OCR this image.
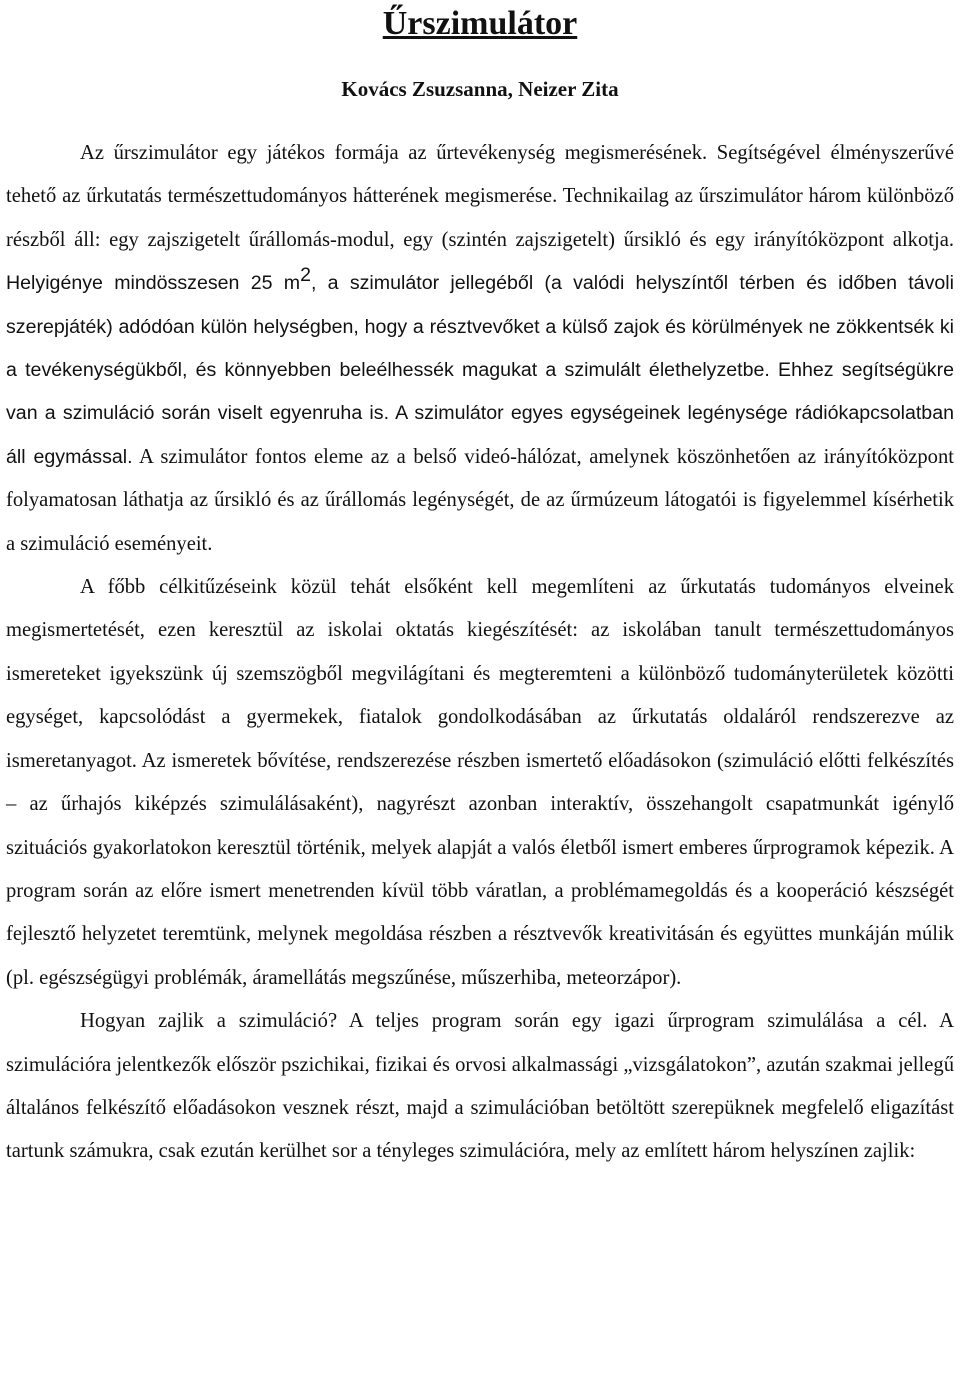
Űrszimulátor
Kovács Zsuzsanna, Neizer Zita

Az űrszimulátor egy játékos formája az űrtevékenység megismerésének. Segítségével élményszerűvé tehető az űrkutatás természettudományos hátterének megismerése. Technikailag az űrszimulátor három különböző részből áll: egy zajszigetelt űrállomás-modul, egy (szintén zajszigetelt) űrsikló és egy irányítóközpont alkotja. Helyigénye mindösszesen 25 $m^2$, a szimulátor jellegéből (a valódi helyszíntől térben és időben távoli szerepjáték) adódóan külön helységben, hogy a résztvevőket a külső zajok és körülmények ne zökkentsék ki a tevékenységükből, és könnyebben beleélhessék magukat a szimulált élethelyzetbe. Ehhez segítségükre van a szimuláció során viselt egyenruha is. A szimulátor egyes egységeinek legénysége rádiókapcsolatban áll egymással. A szimulátor fontos eleme az a belső videó-hálózat, amelynek köszönhetően az irányítóközpont folyamatosan láthatja az űrsikló és az űrállomás legénységét, de az űrmúzeum látogatói is figyelemmel kísérhetik a szimuláció eseményeit.

A főbb célkitűzéseink közül tehát elsőként kell megemlíteni az űrkutatás tudományos elveinek megismertetését, ezen keresztül az iskolai oktatás kiegészítését: az iskolában tanult természettudományos ismereteket igyekszünk új szemszögből megvilágítani és megteremteni a különböző tudományterületek közötti egységet, kapcsolódást a gyermekek, fiatalok gondolkodásában az űrkutatás oldaláról rendszerezve az ismeretanyagot. Az ismeretek bővítése, rendszerezése részben ismertető előadásokon (szimuláció előtti felkészítés – az űrhajós kiképzés szimulálásaként), nagyrészt azonban interaktív, összehangolt csapatmunkát igénylő szituációs gyakorlatokon keresztül történik, melyek alapját a valós életből ismert emberes űrprogramok képezik. A program során az előre ismert menetrenden kívül több váratlan, a problémamegoldás és a kooperáció készségét fejlesztő helyzetet teremtünk, melynek megoldása részben a résztvevők kreativitásán és együttes munkáján múlik (pl. egészségügyi problémák, áramellátás megszűnése, műszerhiba, meteorzápor).

Hogyan zajlik a szimuláció? A teljes program során egy igazi űrprogram szimulálása a cél. A szimulációra jelentkezők először pszichikai, fizikai és orvosi alkalmassági „vizsgálatokon”, azután szakmai jellegű általános felkészítő előadásokon vesznek részt, majd a szimulációban betöltött szerepüknek megfelelő eligazítást tartunk számukra, csak ezután kerülhet sor a tényleges szimulációra, mely az említett három helyszínen zajlik:
